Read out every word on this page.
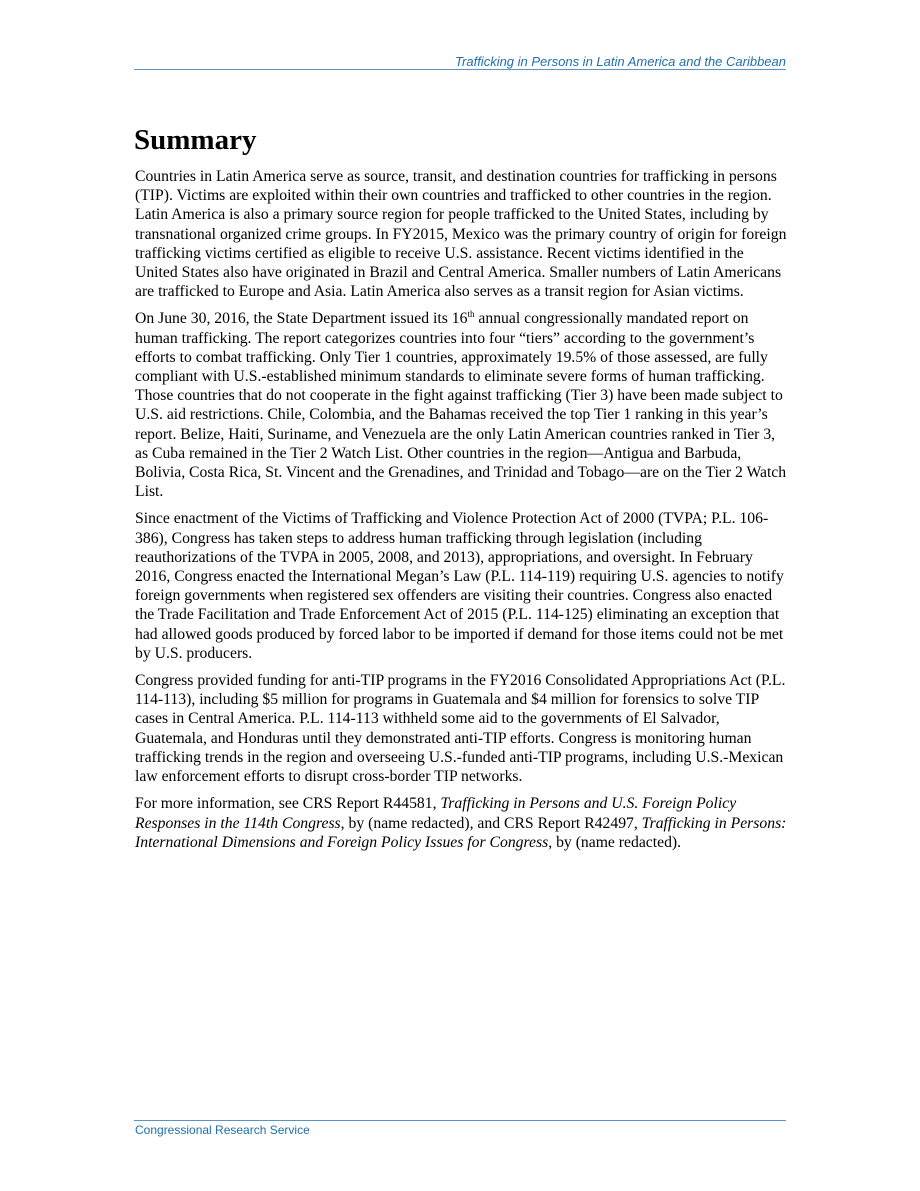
Trafficking in Persons in Latin America and the Caribbean
Summary

Countries in Latin America serve as source, transit, and destination countries for trafficking in persons (TIP). Victims are exploited within their own countries and trafficked to other countries in the region. Latin America is also a primary source region for people trafficked to the United States, including by transnational organized crime groups. In FY2015, Mexico was the primary country of origin for foreign trafficking victims certified as eligible to receive U.S. assistance. Recent victims identified in the United States also have originated in Brazil and Central America. Smaller numbers of Latin Americans are trafficked to Europe and Asia. Latin America also serves as a transit region for Asian victims.

On June 30, 2016, the State Department issued its 16th annual congressionally mandated report on human trafficking. The report categorizes countries into four “tiers” according to the government’s efforts to combat trafficking. Only Tier 1 countries, approximately 19.5% of those assessed, are fully compliant with U.S.-established minimum standards to eliminate severe forms of human trafficking. Those countries that do not cooperate in the fight against trafficking (Tier 3) have been made subject to U.S. aid restrictions. Chile, Colombia, and the Bahamas received the top Tier 1 ranking in this year’s report. Belize, Haiti, Suriname, and Venezuela are the only Latin American countries ranked in Tier 3, as Cuba remained in the Tier 2 Watch List. Other countries in the region—Antigua and Barbuda, Bolivia, Costa Rica, St. Vincent and the Grenadines, and Trinidad and Tobago—are on the Tier 2 Watch List.

Since enactment of the Victims of Trafficking and Violence Protection Act of 2000 (TVPA; P.L. 106-386), Congress has taken steps to address human trafficking through legislation (including reauthorizations of the TVPA in 2005, 2008, and 2013), appropriations, and oversight. In February 2016, Congress enacted the International Megan’s Law (P.L. 114-119) requiring U.S. agencies to notify foreign governments when registered sex offenders are visiting their countries. Congress also enacted the Trade Facilitation and Trade Enforcement Act of 2015 (P.L. 114-125) eliminating an exception that had allowed goods produced by forced labor to be imported if demand for those items could not be met by U.S. producers.

Congress provided funding for anti-TIP programs in the FY2016 Consolidated Appropriations Act (P.L. 114-113), including $5 million for programs in Guatemala and $4 million for forensics to solve TIP cases in Central America. P.L. 114-113 withheld some aid to the governments of El Salvador, Guatemala, and Honduras until they demonstrated anti-TIP efforts. Congress is monitoring human trafficking trends in the region and overseeing U.S.-funded anti-TIP programs, including U.S.-Mexican law enforcement efforts to disrupt cross-border TIP networks.

For more information, see CRS Report R44581, Trafficking in Persons and U.S. Foreign Policy Responses in the 114th Congress, by (name redacted), and CRS Report R42497, Trafficking in Persons: International Dimensions and Foreign Policy Issues for Congress, by (name redacted).

Congressional Research Service
